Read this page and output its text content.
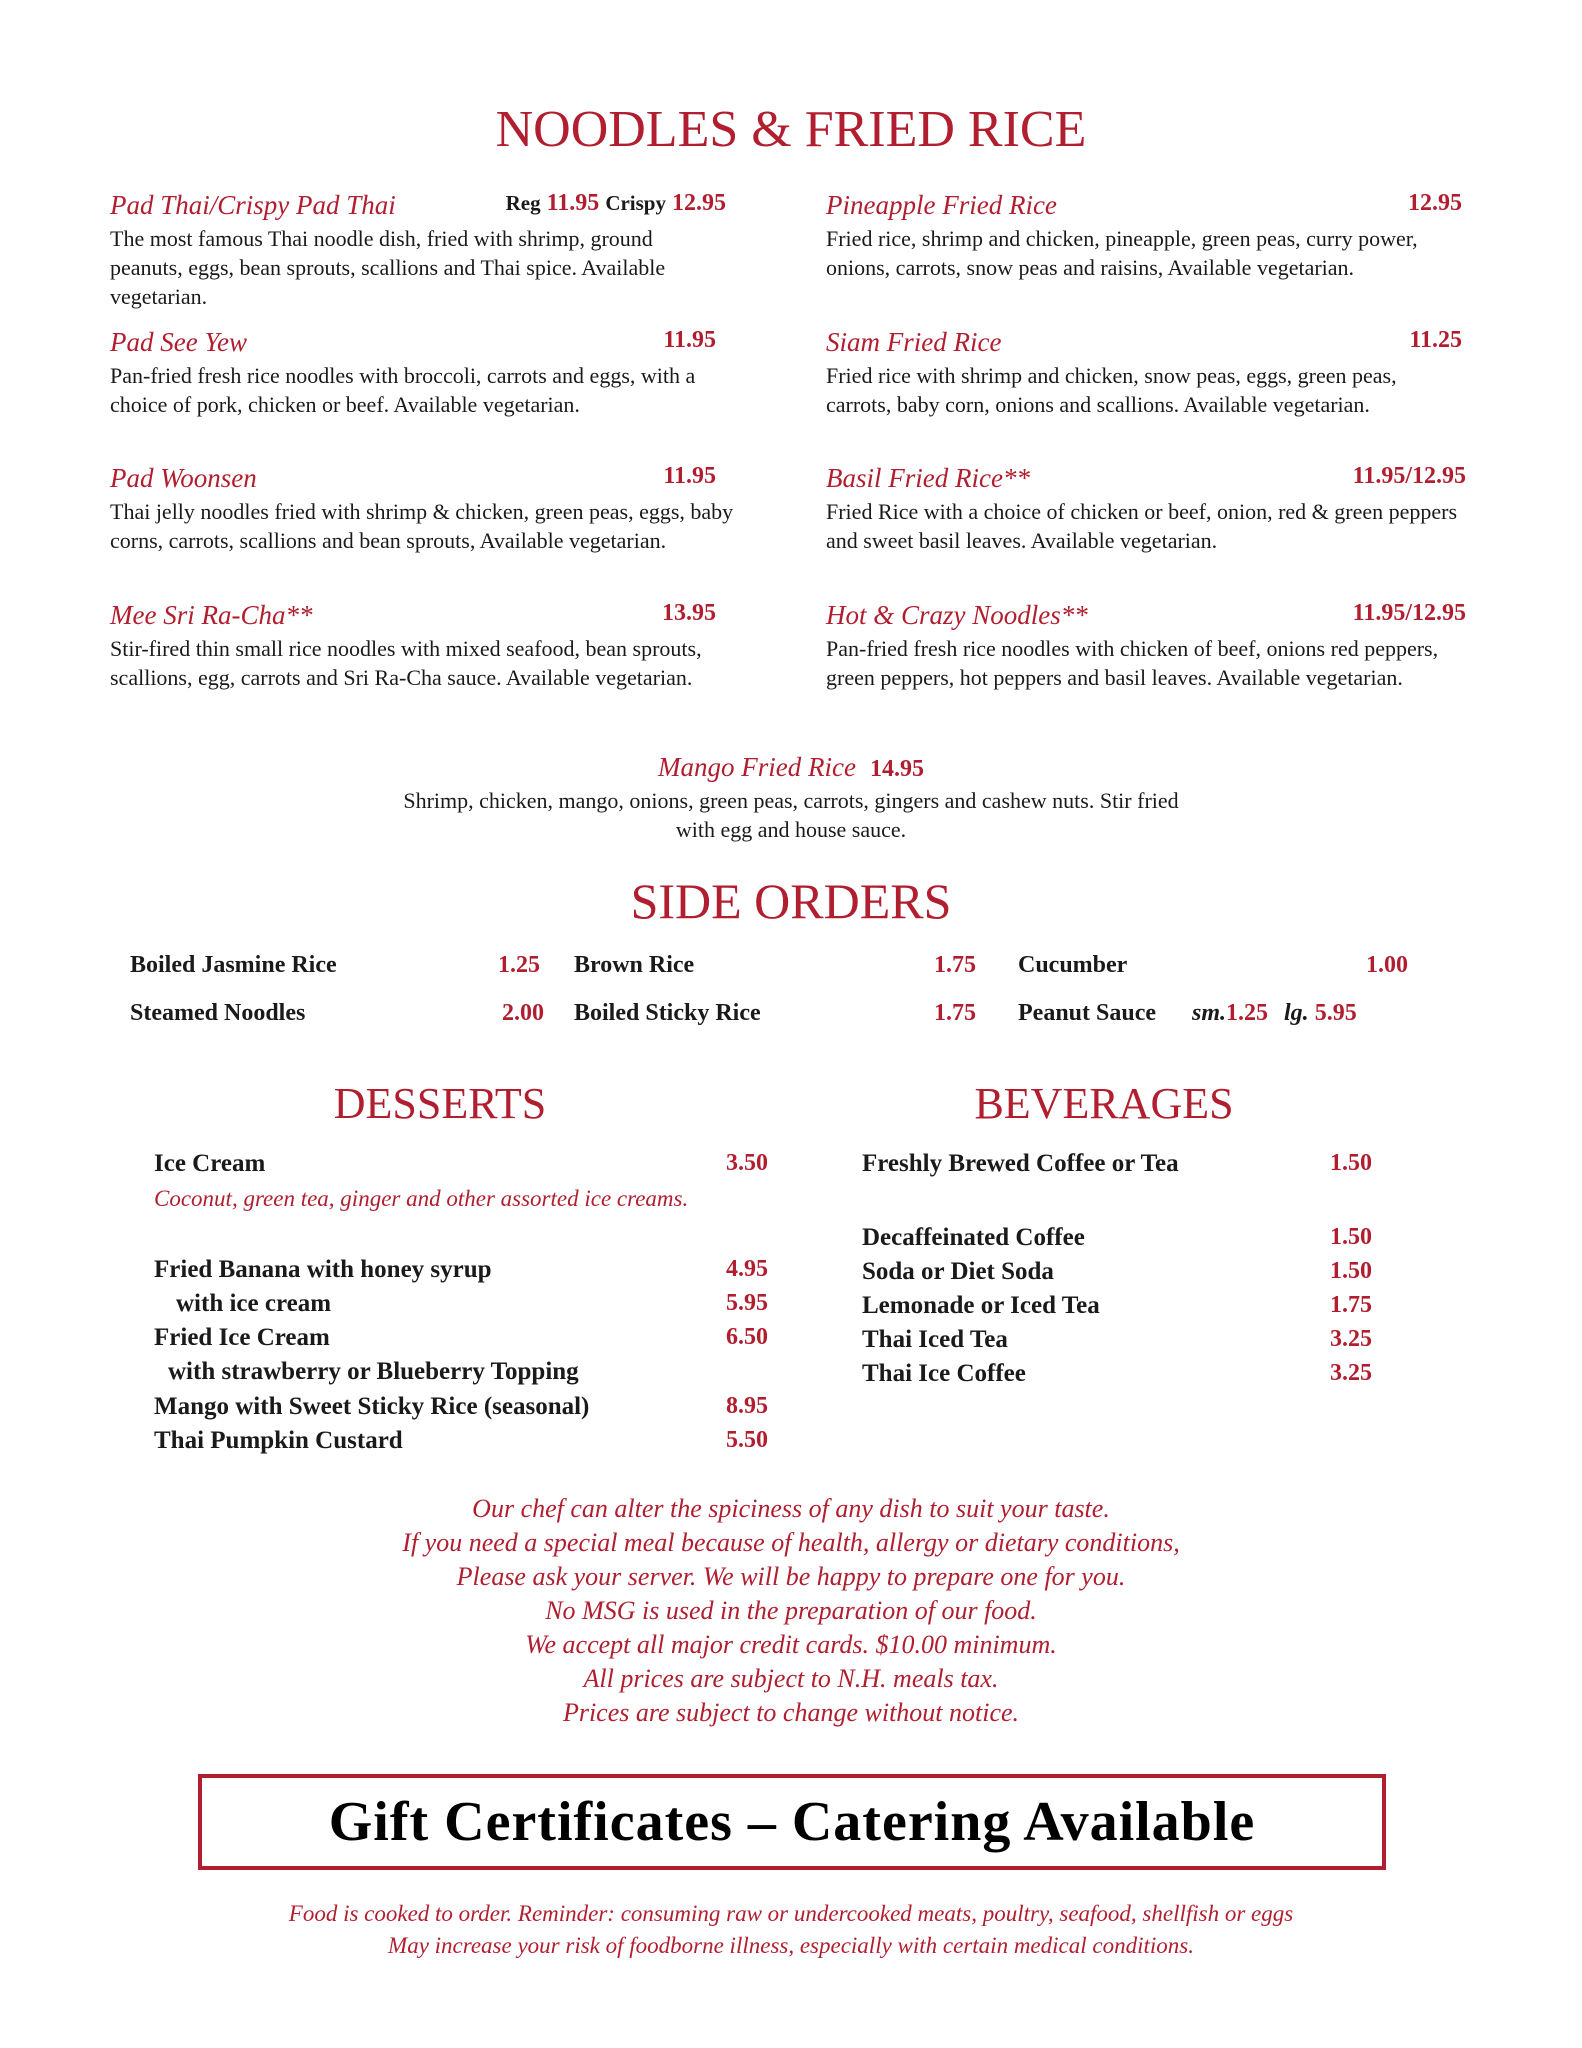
NOODLES & FRIED RICE
Pad Thai/Crispy Pad Thai	Reg 11.95 Crispy 12.95
The most famous Thai noodle dish, fried with shrimp, ground peanuts, eggs, bean sprouts, scallions and Thai spice. Available vegetarian.
Pad See Yew	11.95
Pan-fried fresh rice noodles with broccoli, carrots and eggs, with a choice of pork, chicken or beef. Available vegetarian.
Pad Woonsen	11.95
Thai jelly noodles fried with shrimp & chicken, green peas, eggs, baby corns, carrots, scallions and bean sprouts, Available vegetarian.
Mee Sri Ra-Cha**	13.95
Stir-fired thin small rice noodles with mixed seafood, bean sprouts, scallions, egg, carrots and Sri Ra-Cha sauce. Available vegetarian.
Pineapple Fried Rice	12.95
Fried rice, shrimp and chicken, pineapple, green peas, curry power, onions, carrots, snow peas and raisins, Available vegetarian.
Siam Fried Rice	11.25
Fried rice with shrimp and chicken, snow peas, eggs, green peas, carrots, baby corn, onions and scallions. Available vegetarian.
Basil Fried Rice**	11.95/12.95
Fried Rice with a choice of chicken or beef, onion, red & green peppers and sweet basil leaves. Available vegetarian.
Hot & Crazy Noodles**	11.95/12.95
Pan-fried fresh rice noodles with chicken of beef, onions red peppers, green peppers, hot peppers and basil leaves. Available vegetarian.
Mango Fried Rice 14.95
Shrimp, chicken, mango, onions, green peas, carrots, gingers and cashew nuts. Stir fried
with egg and house sauce.
SIDE ORDERS
Boiled Jasmine Rice	1.25 Brown Rice	1.75 Cucumber	1.00
Steamed Noodles	2.00 Boiled Sticky Rice	1.75 Peanut Sauce sm.1.25 lg. 5.95
DESSERTS
Ice Cream	3.50
Coconut, green tea, ginger and other assorted ice creams.
Fried Banana with honey syrup	4.95
with ice cream	5.95
Fried Ice Cream	6.50
with strawberry or Blueberry Topping
Mango with Sweet Sticky Rice (seasonal)	8.95
Thai Pumpkin Custard	5.50
BEVERAGES
Freshly Brewed Coffee or Tea	1.50
Decaffeinated Coffee	1.50
Soda or Diet Soda	1.50
Lemonade or Iced Tea	1.75
Thai Iced Tea	3.25
Thai Ice Coffee	3.25
Our chef can alter the spiciness of any dish to suit your taste.
If you need a special meal because of health, allergy or dietary conditions,
Please ask your server. We will be happy to prepare one for you.
No MSG is used in the preparation of our food.
We accept all major credit cards. $10.00 minimum.
All prices are subject to N.H. meals tax.
Prices are subject to change without notice.
Gift Certificates – Catering Available
Food is cooked to order. Reminder: consuming raw or undercooked meats, poultry, seafood, shellfish or eggs
May increase your risk of foodborne illness, especially with certain medical conditions.
